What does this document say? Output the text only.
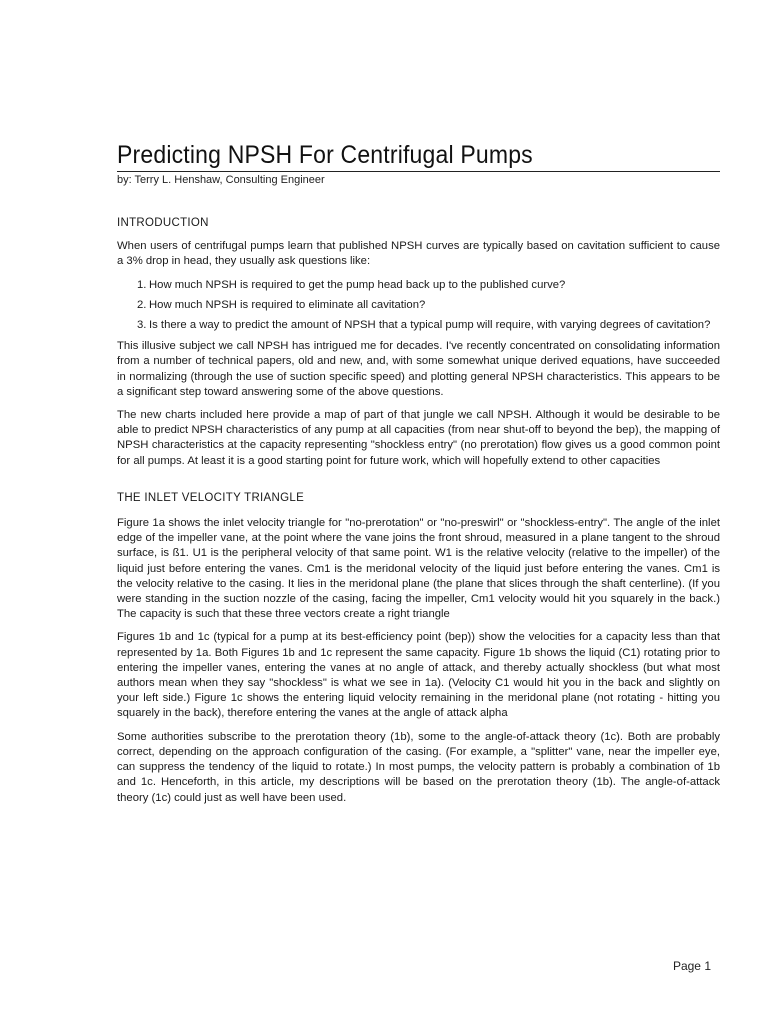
Predicting NPSH For Centrifugal Pumps
by: Terry L. Henshaw, Consulting Engineer
INTRODUCTION

When users of centrifugal pumps learn that published NPSH curves are typically based on cavitation sufficient to cause a 3% drop in head, they usually ask questions like:

1. How much NPSH is required to get the pump head back up to the published curve?
2. How much NPSH is required to eliminate all cavitation?
3. Is there a way to predict the amount of NPSH that a typical pump will require, with varying degrees of cavitation?

This illusive subject we call NPSH has intrigued me for decades. I've recently concentrated on consolidating information from a number of technical papers, old and new, and, with some somewhat unique derived equations, have succeeded in normalizing (through the use of suction specific speed) and plotting general NPSH characteristics. This appears to be a significant step toward answering some of the above questions.

The new charts included here provide a map of part of that jungle we call NPSH. Although it would be desirable to be able to predict NPSH characteristics of any pump at all capacities (from near shut-off to beyond the bep), the mapping of NPSH characteristics at the capacity representing "shockless entry" (no prerotation) flow gives us a good common point for all pumps. At least it is a good starting point for future work, which will hopefully extend to other capacities

THE INLET VELOCITY TRIANGLE

Figure 1a shows the inlet velocity triangle for "no-prerotation" or "no-preswirl" or "shockless-entry". The angle of the inlet edge of the impeller vane, at the point where the vane joins the front shroud, measured in a plane tangent to the shroud surface, is ß1. U1 is the peripheral velocity of that same point. W1 is the relative velocity (relative to the impeller) of the liquid just before entering the vanes. Cm1 is the meridonal velocity of the liquid just before entering the vanes. Cm1 is the velocity relative to the casing. It lies in the meridonal plane (the plane that slices through the shaft centerline). (If you were standing in the suction nozzle of the casing, facing the impeller, Cm1 velocity would hit you squarely in the back.) The capacity is such that these three vectors create a right triangle

Figures 1b and 1c (typical for a pump at its best-efficiency point (bep)) show the velocities for a capacity less than that represented by 1a. Both Figures 1b and 1c represent the same capacity. Figure 1b shows the liquid (C1) rotating prior to entering the impeller vanes, entering the vanes at no angle of attack, and thereby actually shockless (but what most authors mean when they say "shockless" is what we see in 1a). (Velocity C1 would hit you in the back and slightly on your left side.) Figure 1c shows the entering liquid velocity remaining in the meridonal plane (not rotating - hitting you squarely in the back), therefore entering the vanes at the angle of attack alpha

Some authorities subscribe to the prerotation theory (1b), some to the angle-of-attack theory (1c). Both are probably correct, depending on the approach configuration of the casing. (For example, a "splitter" vane, near the impeller eye, can suppress the tendency of the liquid to rotate.) In most pumps, the velocity pattern is probably a combination of 1b and 1c. Henceforth, in this article, my descriptions will be based on the prerotation theory (1b). The angle-of-attack theory (1c) could just as well have been used.

Page 1
